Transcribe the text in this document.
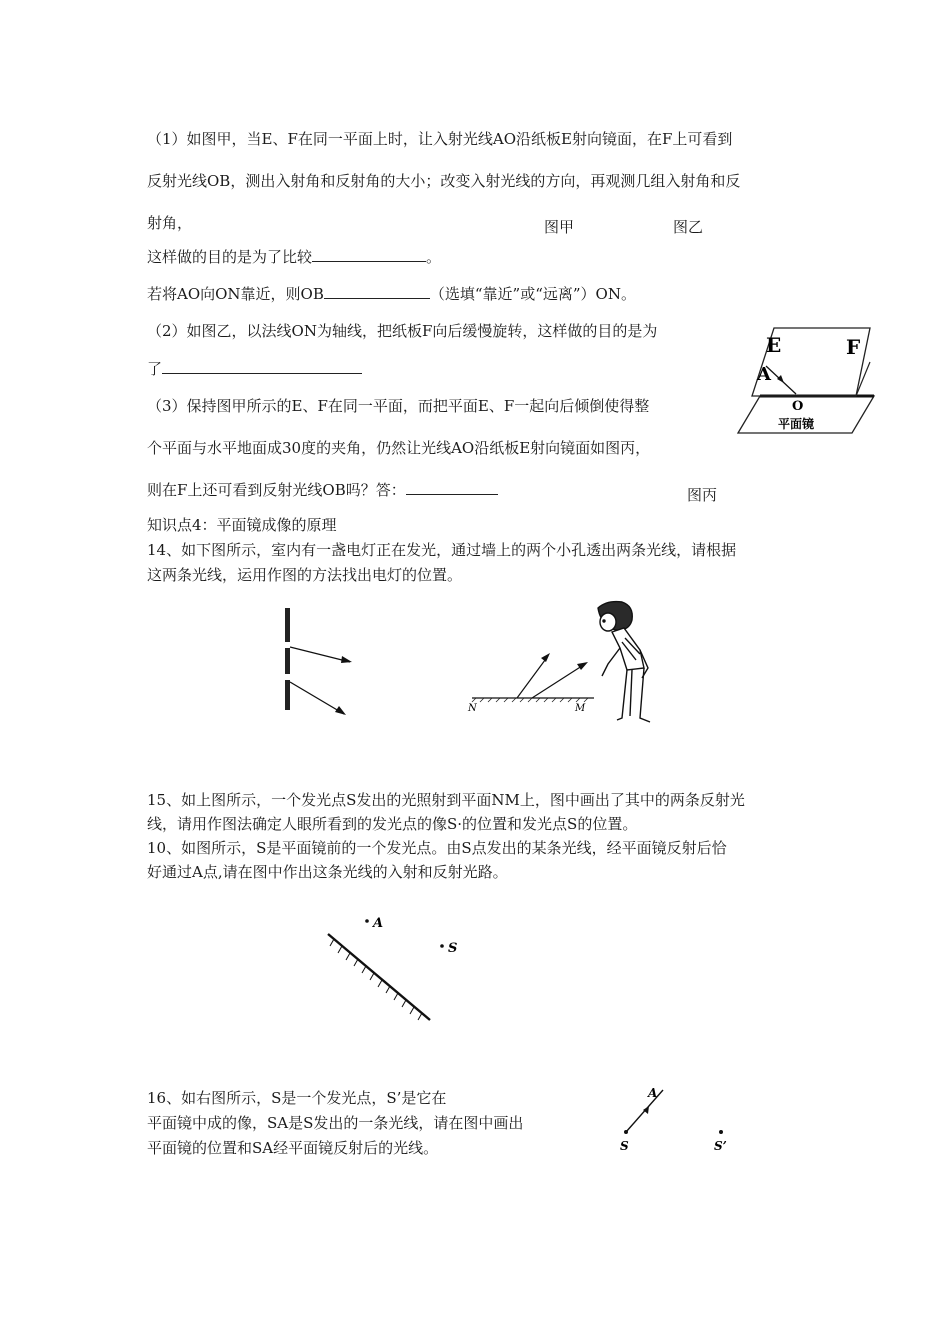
（1）如图甲，当E、F在同一平面上时，让入射光线AO沿纸板E射向镜面，在F上可看到
反射光线OB，测出入射角和反射角的大小；改变入射光线的方向，再观测几组入射角和反
射角，	图甲	图乙
这样做的目的是为了比较	。
若将AO向ON靠近，则OB	（选填“靠近”或“远离”）ON。
（2）如图乙，以法线ON为轴线，把纸板F向后缓慢旋转，这样做的目的是为
了
（3）保持图甲所示的E、F在同一平面，而把平面E、F一起向后倾倒使得整
个平面与水平地面成30度的夹角，仍然让光线AO沿纸板E射向镜面如图丙，
则在F上还可看到反射光线OB吗？答：	图丙
E	F
A
O
平面镜
知识点4：平面镜成像的原理
14、如下图所示，室内有一盏电灯正在发光，通过墙上的两个小孔透出两条光线，请根据
这两条光线，运用作图的方法找出电灯的位置。
N	M
15、如上图所示，一个发光点S发出的光照射到平面NM上，图中画出了其中的两条反射光
线，请用作图法确定人眼所看到的发光点的像S·的位置和发光点S的位置。
10、如图所示，S是平面镜前的一个发光点。由S点发出的某条光线，经平面镜反射后恰
好通过A点,请在图中作出这条光线的入射和反射光路。
A
S
16、如右图所示，S是一个发光点，S’是它在
平面镜中成的像，SA是S发出的一条光线，请在图中画出
平面镜的位置和SA经平面镜反射后的光线。	S
A
S’
